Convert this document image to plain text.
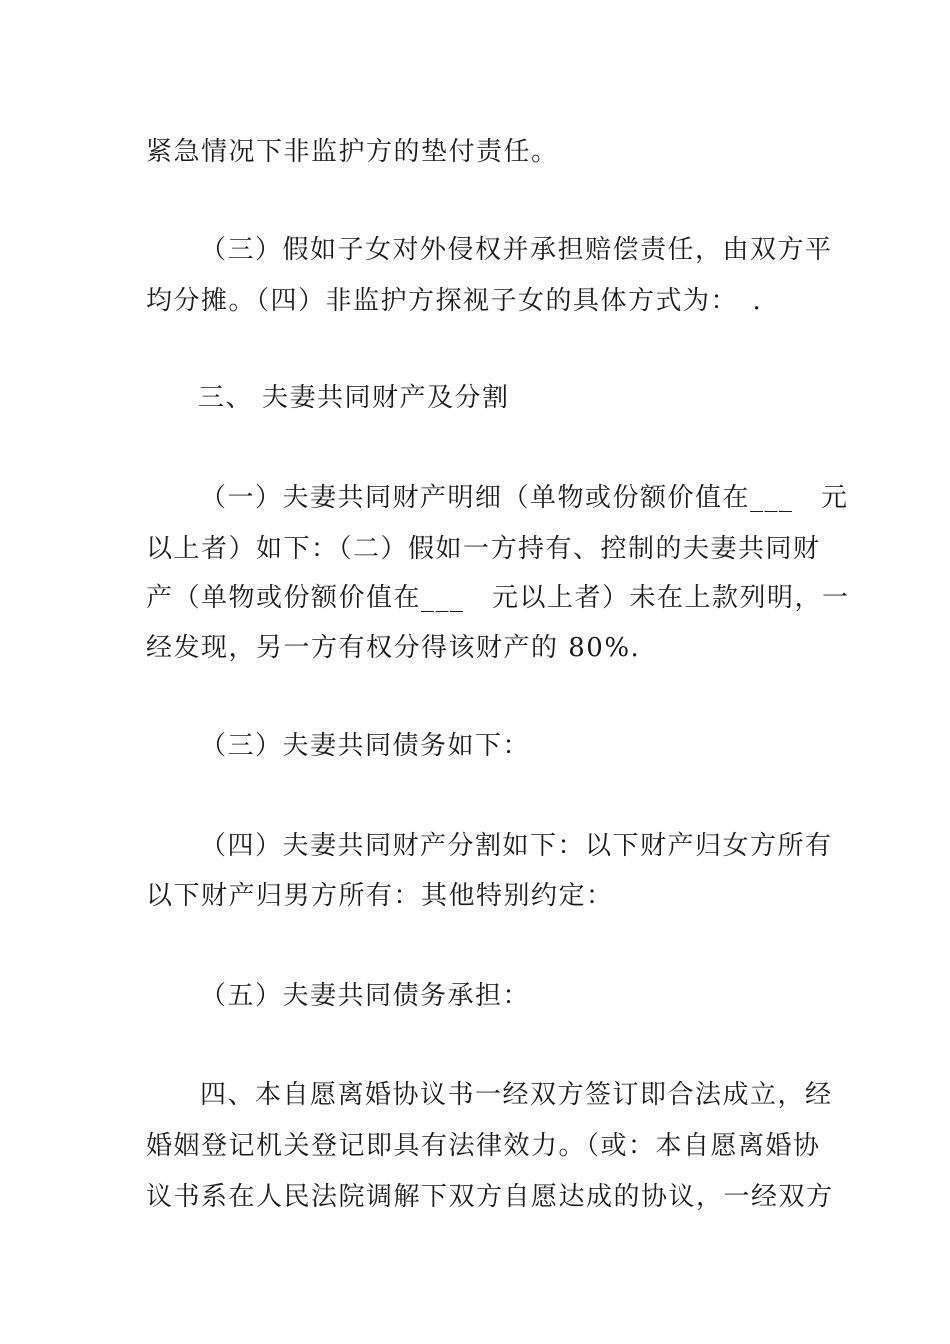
紧急情况下非监护方的垫付责任。
（三）假如子女对外侵权并承担赔偿责任，由双方平
均分摊。（四）非监护方探视子女的具体方式为：　.
三、 夫妻共同财产及分割
（一）夫妻共同财产明细（单物或份额价值在___　元
以上者）如下：（二）假如一方持有、控制的夫妻共同财
产（单物或份额价值在___　元以上者）未在上款列明，一
经发现，另一方有权分得该财产的 80%.
（三）夫妻共同债务如下：
（四）夫妻共同财产分割如下：以下财产归女方所有
以下财产归男方所有：其他特别约定：
（五）夫妻共同债务承担：
四、本自愿离婚协议书一经双方签订即合法成立，经
婚姻登记机关登记即具有法律效力。（或：本自愿离婚协
议书系在人民法院调解下双方自愿达成的协议，一经双方
